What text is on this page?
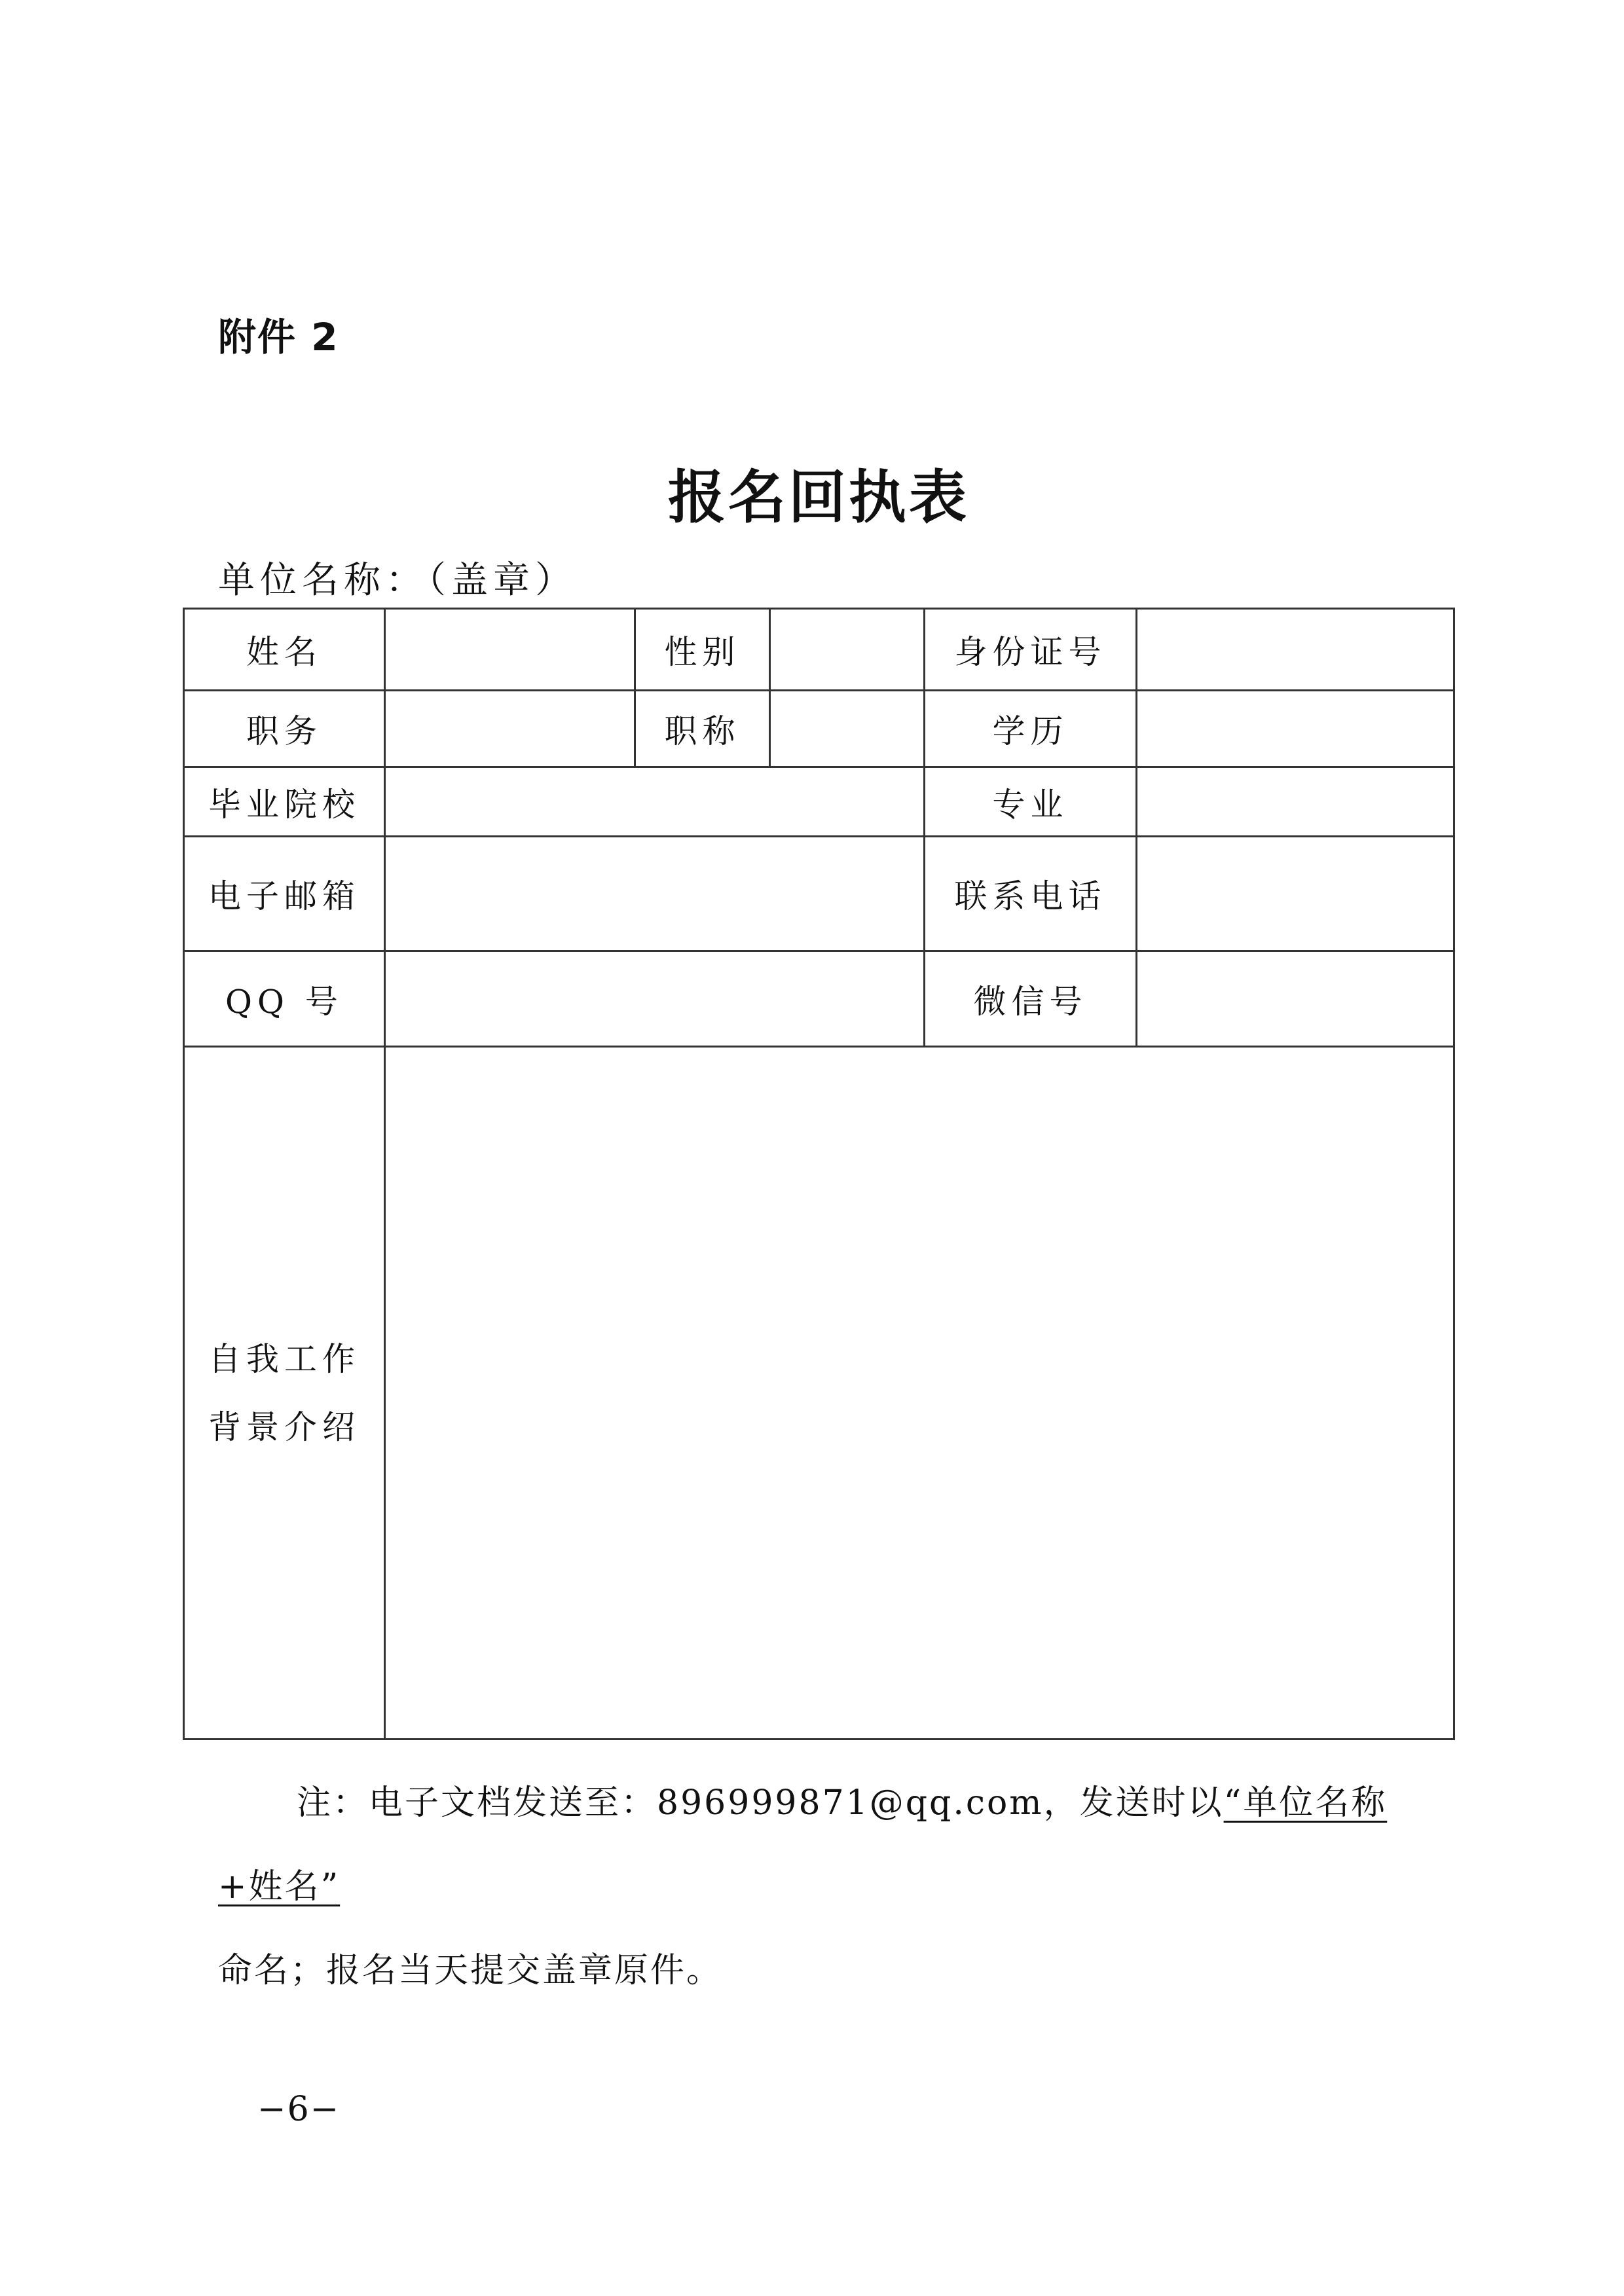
附件 2
报名回执表
单位名称：（盖章）
姓名		性别		身份证号	
职务		职称		学历	
毕业院校				专业	
电子邮箱				联系电话	
QQ 号				微信号	

自我工作
背景介绍					

注：电子文档发送至：896999871@qq.com，发送时以“单位名称+姓名”
命名；报名当天提交盖章原件。
−6−
